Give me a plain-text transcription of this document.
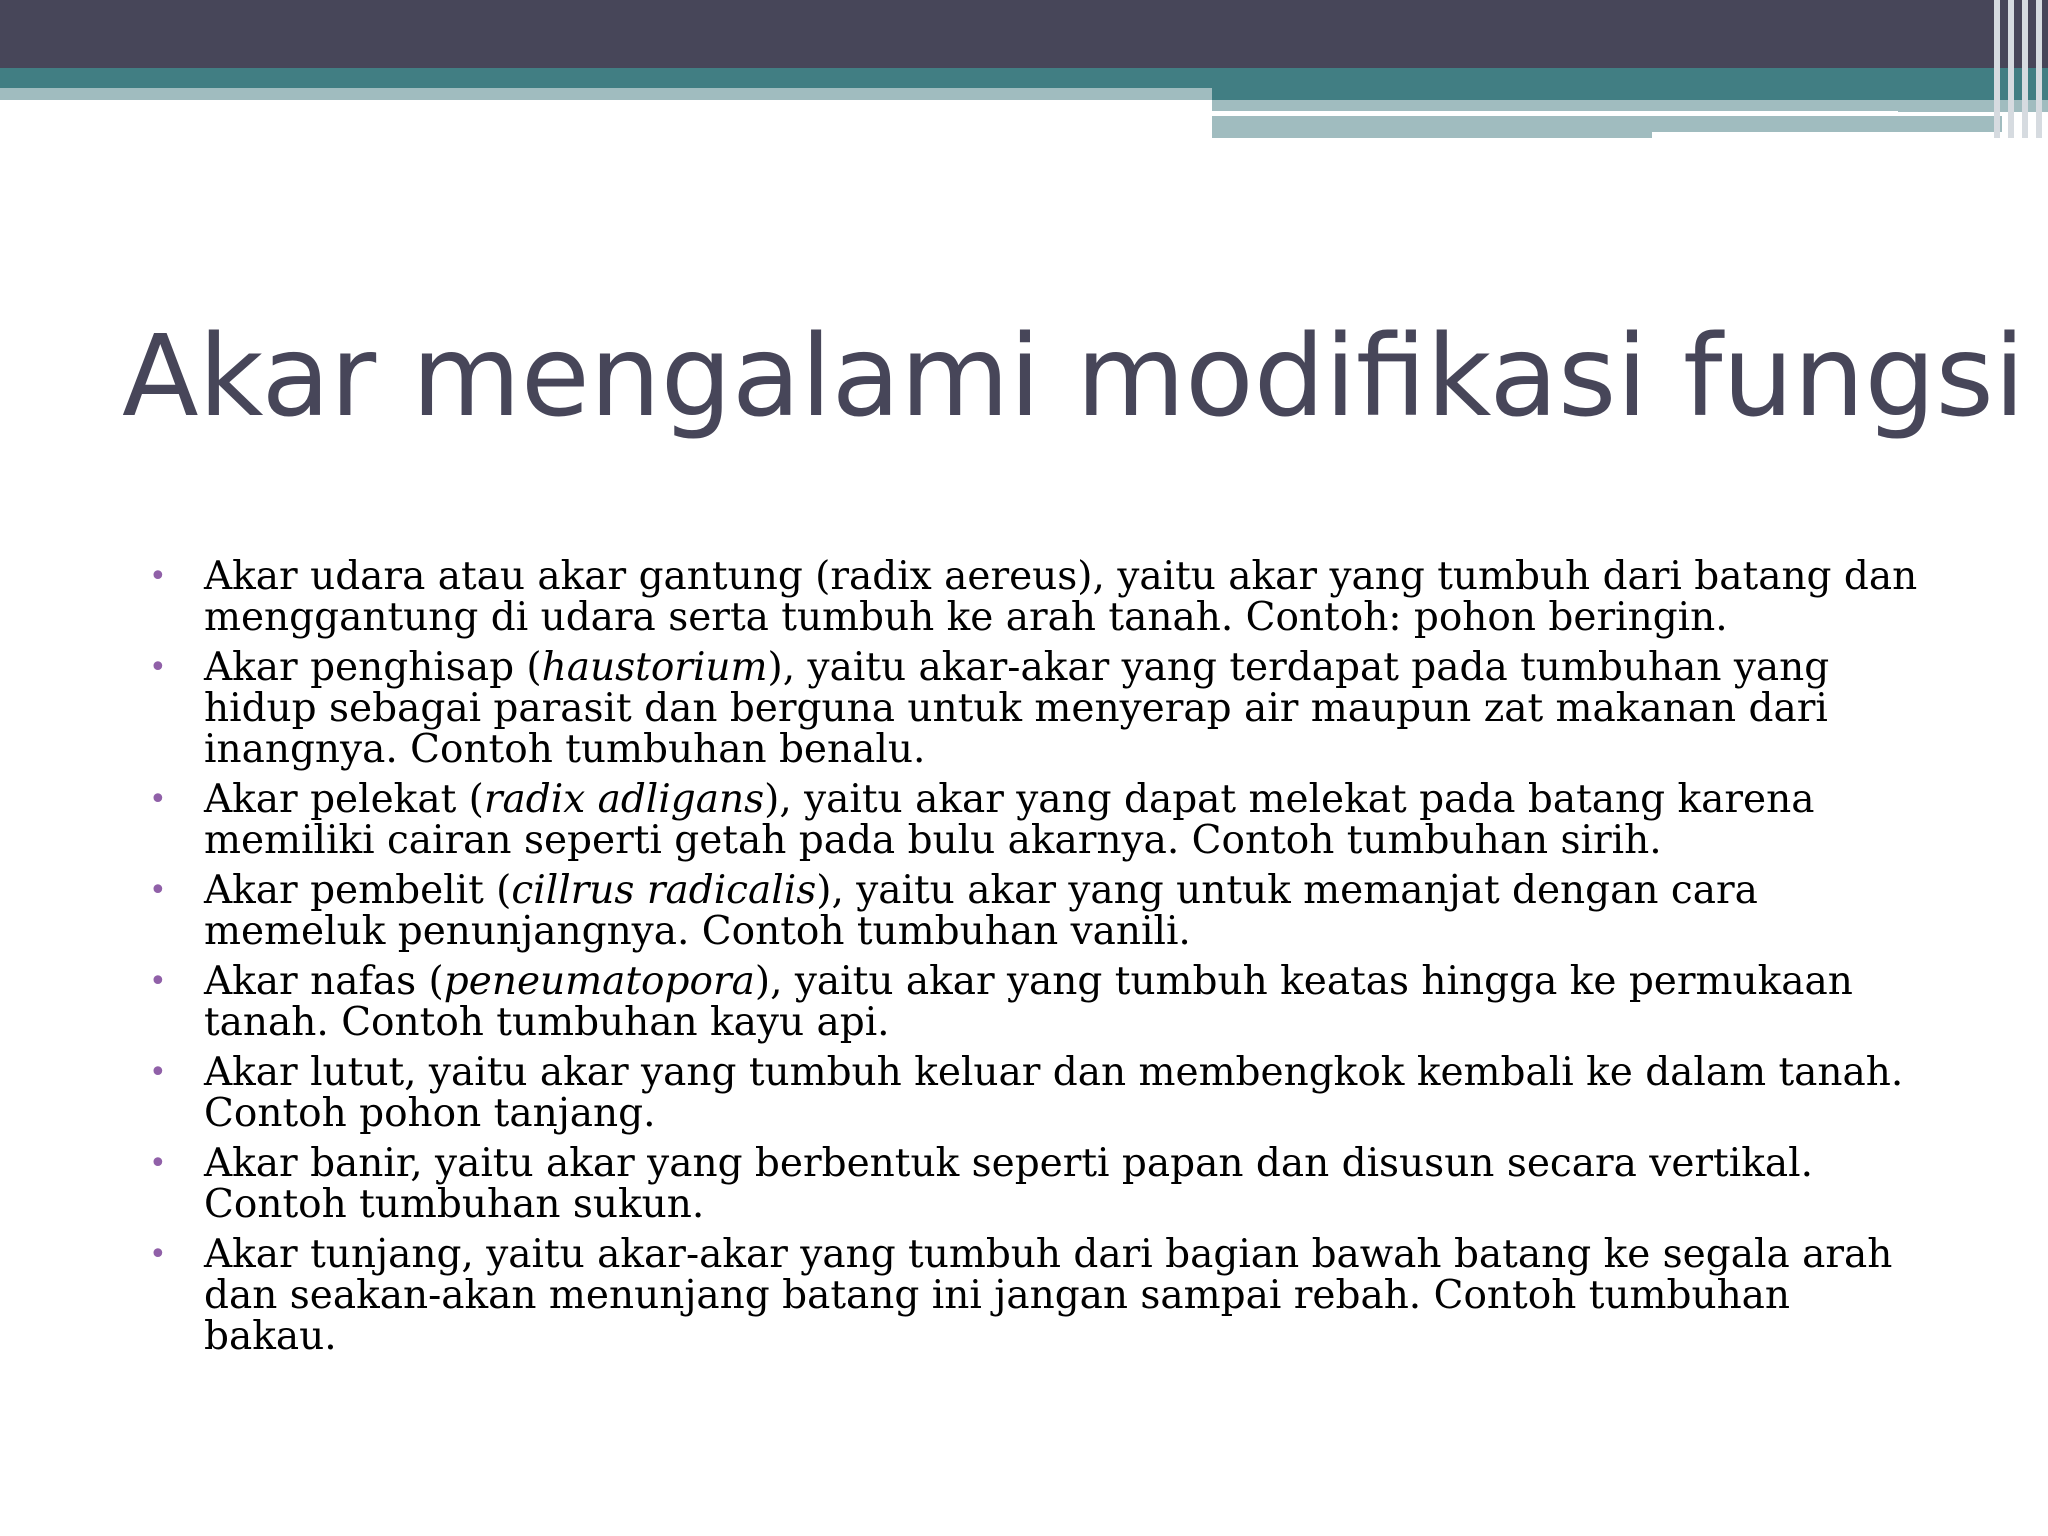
Akar mengalami modifikasi fungsi
• Akar udara atau akar gantung (radix aereus), yaitu akar yang tumbuh dari batang dan menggantung di udara serta tumbuh ke arah tanah. Contoh: pohon beringin.
• Akar penghisap (haustorium), yaitu akar-akar yang terdapat pada tumbuhan yang hidup sebagai parasit dan berguna untuk menyerap air maupun zat makanan dari inangnya. Contoh tumbuhan benalu.
• Akar pelekat (radix adligans), yaitu akar yang dapat melekat pada batang karena memiliki cairan seperti getah pada bulu akarnya. Contoh tumbuhan sirih.
• Akar pembelit (cillrus radicalis), yaitu akar yang untuk memanjat dengan cara memeluk penunjangnya. Contoh tumbuhan vanili.
• Akar nafas (peneumatopora), yaitu akar yang tumbuh keatas hingga ke permukaan tanah. Contoh tumbuhan kayu api.
• Akar lutut, yaitu akar yang tumbuh keluar dan membengkok kembali ke dalam tanah. Contoh pohon tanjang.
• Akar banir, yaitu akar yang berbentuk seperti papan dan disusun secara vertikal. Contoh tumbuhan sukun.
• Akar tunjang, yaitu akar-akar yang tumbuh dari bagian bawah batang ke segala arah dan seakan-akan menunjang batang ini jangan sampai rebah. Contoh tumbuhan bakau.
